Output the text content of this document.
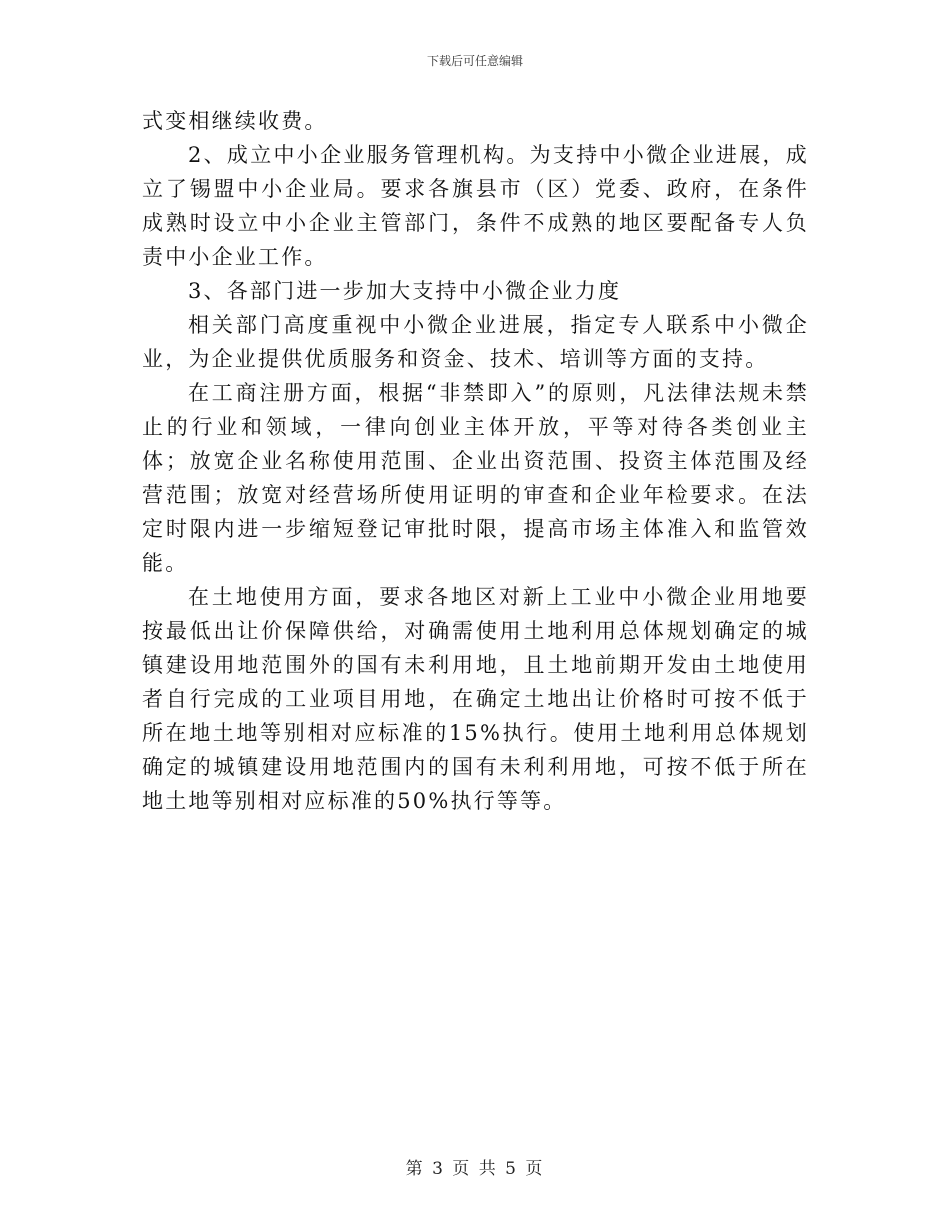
下载后可任意编辑

式变相继续收费。

2、成立中小企业服务管理机构。为支持中小微企业进展，成立了锡盟中小企业局。要求各旗县市（区）党委、政府，在条件成熟时设立中小企业主管部门，条件不成熟的地区要配备专人负责中小企业工作。

3、各部门进一步加大支持中小微企业力度

相关部门高度重视中小微企业进展，指定专人联系中小微企业，为企业提供优质服务和资金、技术、培训等方面的支持。

在工商注册方面，根据“非禁即入”的原则，凡法律法规未禁止的行业和领域，一律向创业主体开放，平等对待各类创业主体；放宽企业名称使用范围、企业出资范围、投资主体范围及经营范围；放宽对经营场所使用证明的审查和企业年检要求。在法定时限内进一步缩短登记审批时限，提高市场主体准入和监管效能。

在土地使用方面，要求各地区对新上工业中小微企业用地要按最低出让价保障供给，对确需使用土地利用总体规划确定的城镇建设用地范围外的国有未利用地，且土地前期开发由土地使用者自行完成的工业项目用地，在确定土地出让价格时可按不低于所在地土地等别相对应标准的15%执行。使用土地利用总体规划确定的城镇建设用地范围内的国有未利利用地，可按不低于所在地土地等别相对应标准的50%执行等等。

第 3 页 共 5 页
